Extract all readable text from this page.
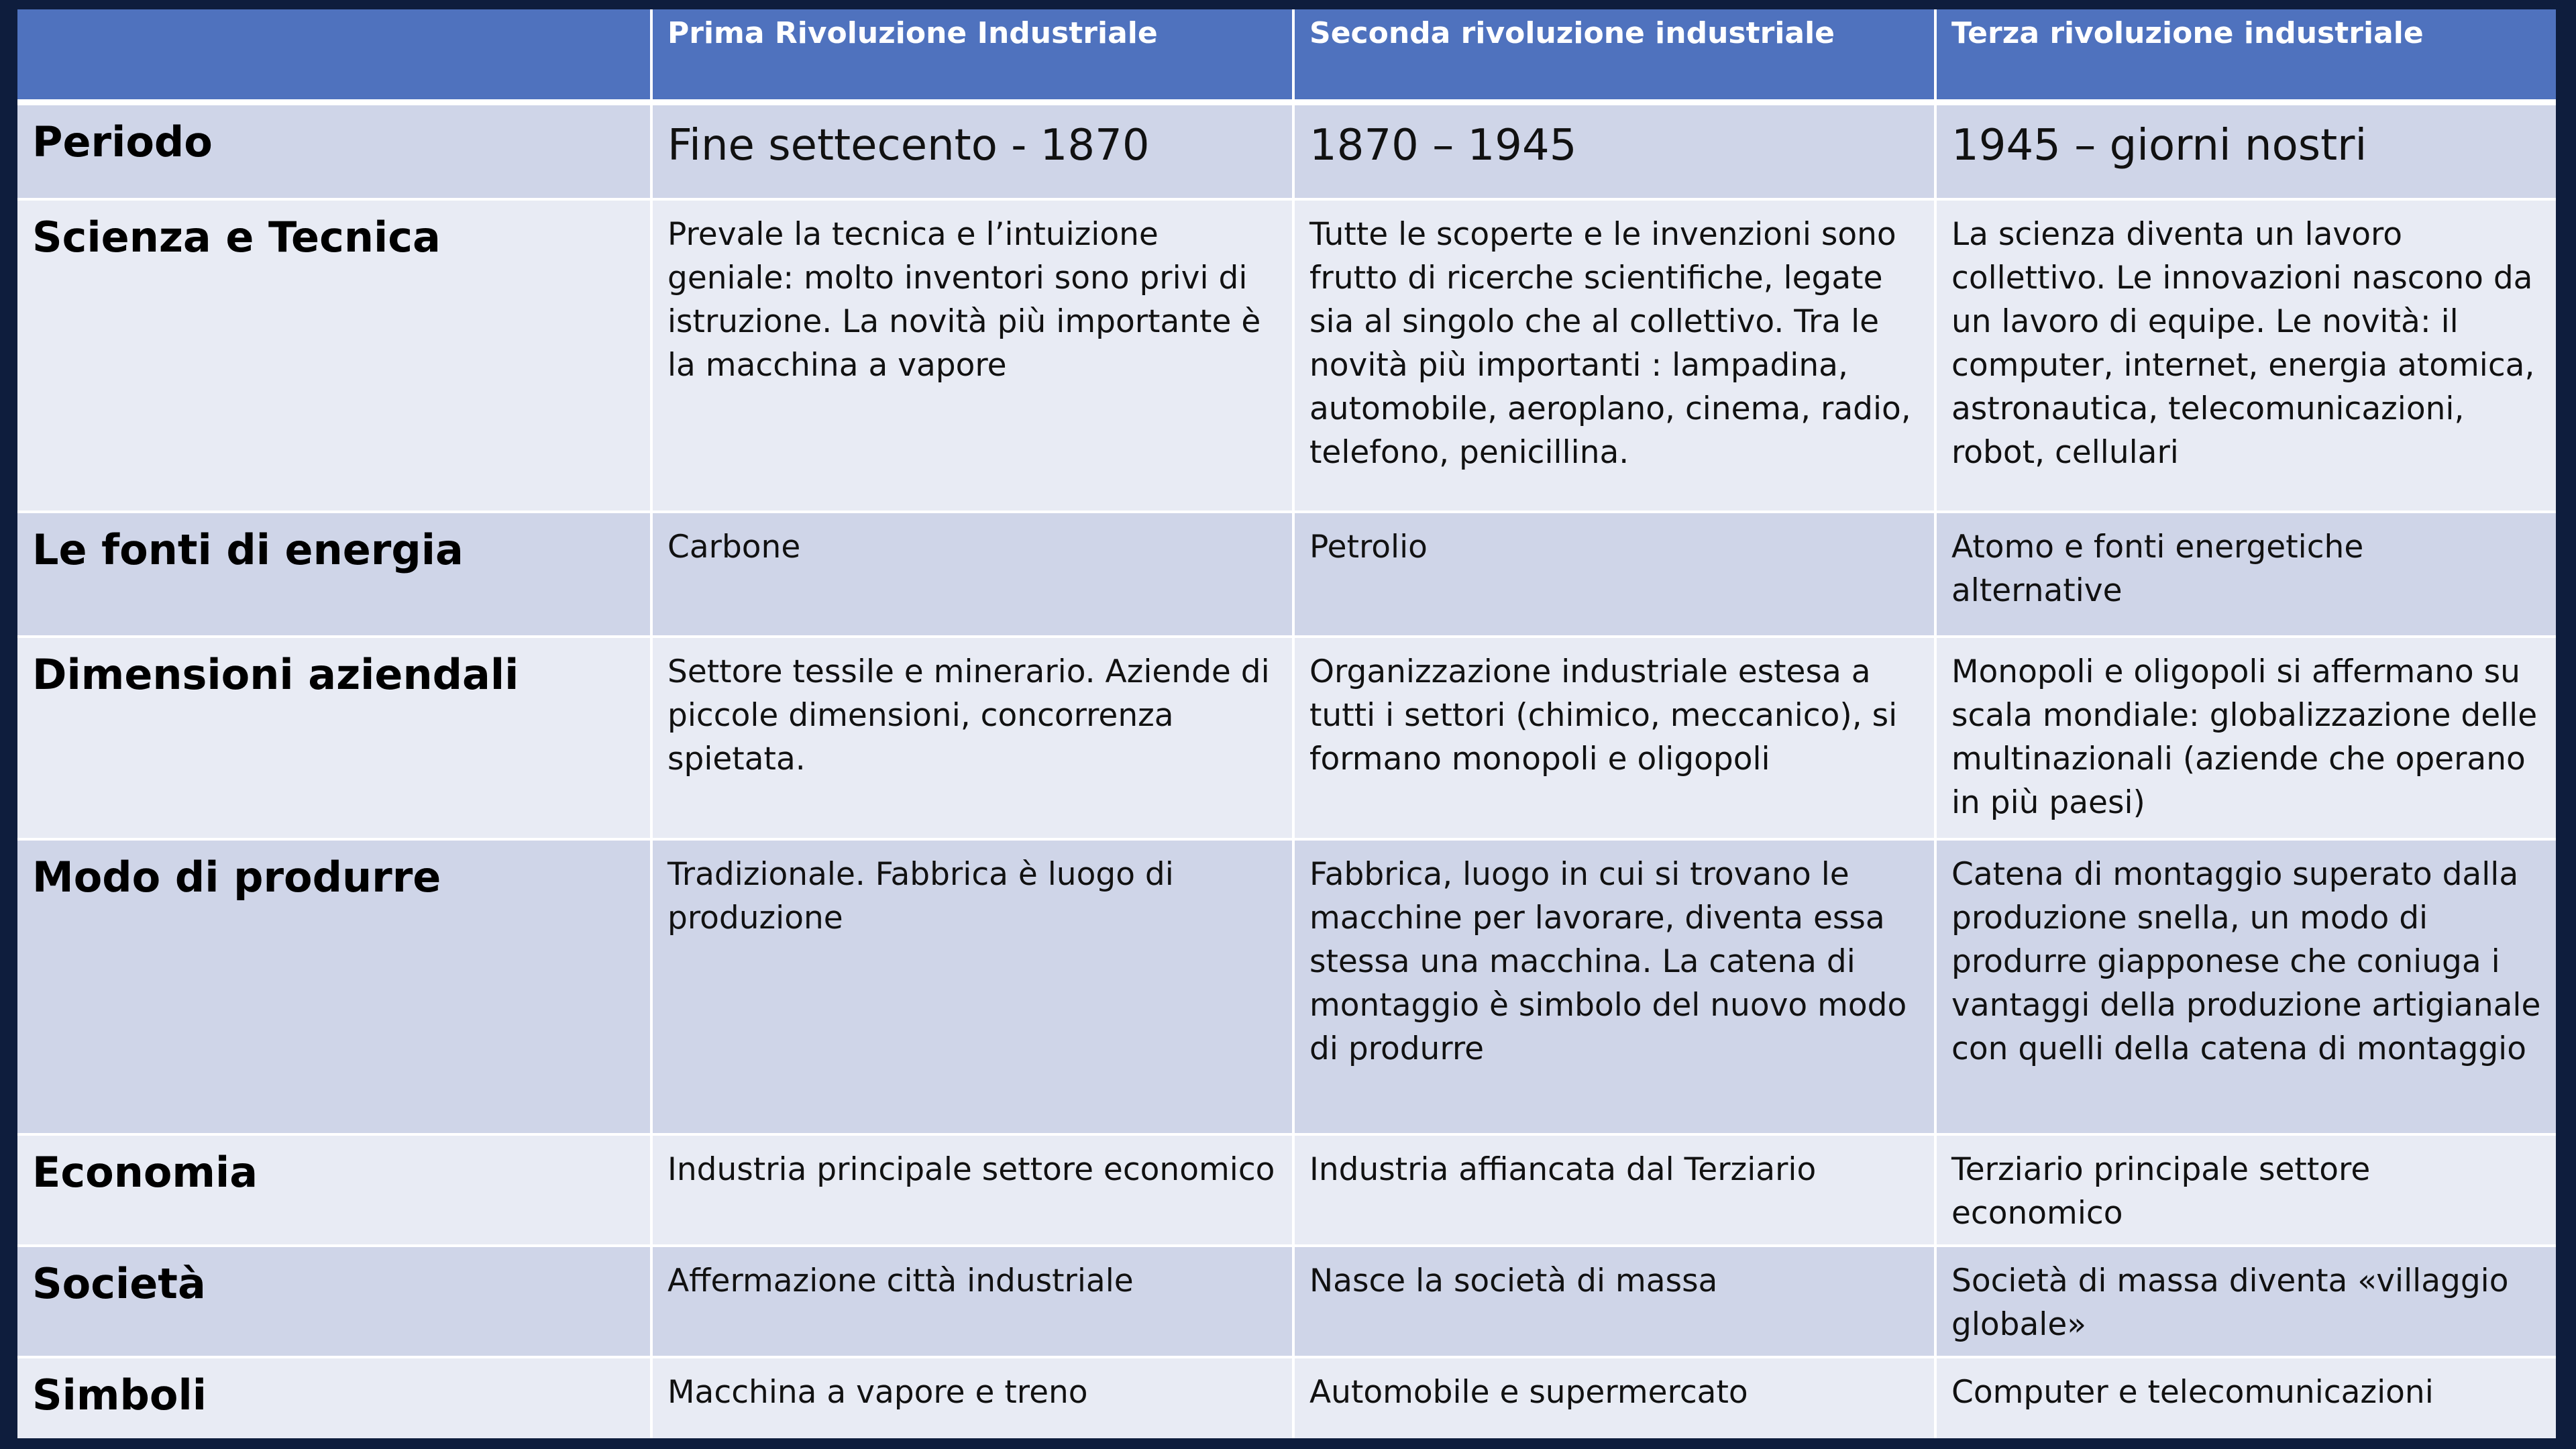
	Prima Rivoluzione Industriale	Seconda rivoluzione industriale	Terza rivoluzione industriale
Periodo	Fine settecento - 1870	1870 – 1945	1945 – giorni nostri
Scienza e Tecnica	Prevale la tecnica e l’intuizione geniale: molto inventori sono privi di istruzione. La novità più importante è la macchina a vapore	Tutte le scoperte e le invenzioni sono frutto di ricerche scientifiche, legate sia al singolo che al collettivo. Tra le novità più importanti : lampadina, automobile, aeroplano, cinema, radio, telefono, penicillina.	La scienza diventa un lavoro collettivo. Le innovazioni nascono da un lavoro di equipe. Le novità: il computer, internet, energia atomica, astronautica, telecomunicazioni, robot, cellulari
Le fonti di energia	Carbone	Petrolio	Atomo e fonti energetiche alternative
Dimensioni aziendali	Settore tessile e minerario. Aziende di piccole dimensioni, concorrenza spietata.	Organizzazione industriale estesa a tutti i settori (chimico, meccanico), si formano monopoli e oligopoli	Monopoli e oligopoli si affermano su scala mondiale: globalizzazione delle multinazionali (aziende che operano in più paesi)
Modo di produrre	Tradizionale. Fabbrica è luogo di produzione	Fabbrica, luogo in cui si trovano le macchine per lavorare, diventa essa stessa una macchina. La catena di montaggio è simbolo del nuovo modo di produrre	Catena di montaggio superato dalla produzione snella, un modo di produrre giapponese che coniuga i vantaggi della produzione artigianale con quelli della catena di montaggio
Economia	Industria principale settore economico	Industria affiancata dal Terziario	Terziario principale settore economico
Società	Affermazione città industriale	Nasce la società di massa	Società di massa diventa «villaggio globale»
Simboli	Macchina a vapore e treno	Automobile e supermercato	Computer e telecomunicazioni
